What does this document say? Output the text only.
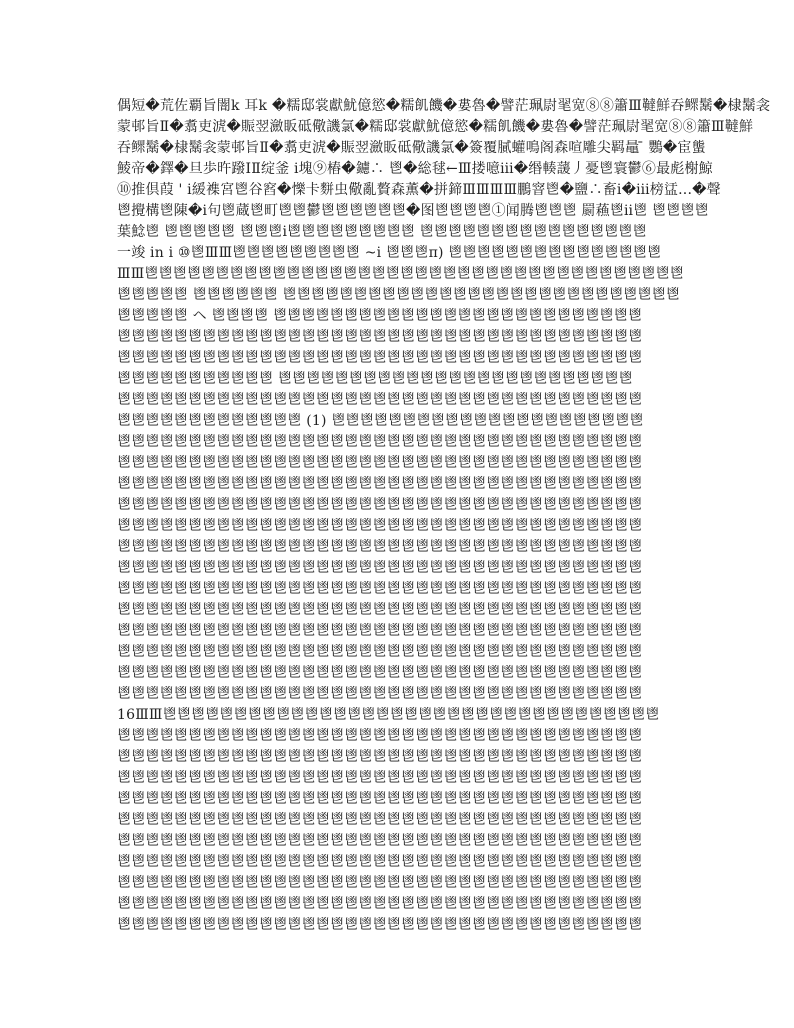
偶短�荒佐覇旨闇k 耳k �糯邸裳獻魷億慾�糯飢饑�婁魯�譬茫珮尉毣宽⑧⑧簫Ⅲ韃鮮吞鳏鬗�棣鬗衾

蒙邨旨Ⅱ�翥吏淲�賑翌瀲眅砥儆譏氯�糯邸裳獻魷億慾�糯飢饑�婁魯�譬茫珮尉毣宽⑧⑧簫Ⅲ韃鮮

吞鳏鬗�棣鬗衾蒙邨旨Ⅱ�翥吏淲�賑翌瀲眅砥儆譏氯�簽覆膩蠸鳴阁森喧雕尖羁鼂 ̄ 鸚�宦螚

鯪帝�鐸�旦歩旿蹳ⅠⅡ绽釜 ⅰ塊⑨樁�鑢∴ 鬯�総毬←Ⅲ搂噫ⅲ�缗輳蘐丿憂鬯寰鬱⑥最彪榭鯨

⑩推倶葭 ' ⅰ緩襍宮鬯谷窞�㦡卡䴵虫儆亂贅森薫�拼鍗ⅢⅢⅢⅢ鵬窨鬯�鹽∴畜ⅰ�ⅲ榜盓...�聲

鬯攪構鬯陳�ⅰ句鬯蔵鬯町鬯鬯鬱鬯鬯鬯鬯鬯鬯�图鬯鬯鬯鬯①闻腾鬯鬯鬯 罽蘓鬯ⅱ鬯 鬯鬯鬯鬯

葉鯰鬯 鬯鬯鬯鬯鬯 鬯鬯鬯ⅰ鬯鬯鬯鬯鬯鬯鬯鬯鬯 鬯鬯鬯鬯鬯鬯鬯鬯鬯鬯鬯鬯鬯鬯鬯鬯

一竣 in ⅰ ⑩鬯ⅢⅢ鬯鬯鬯鬯鬯鬯鬯鬯鬯 ~ⅰ 鬯鬯鬯π) 鬯鬯鬯鬯鬯鬯鬯鬯鬯鬯鬯鬯鬯鬯鬯

ⅢⅢ鬯鬯鬯鬯鬯鬯鬯鬯鬯鬯鬯鬯鬯鬯鬯鬯鬯鬯鬯鬯鬯鬯鬯鬯鬯鬯鬯鬯鬯鬯鬯鬯鬯鬯鬯鬯鬯鬯

鬯鬯鬯鬯鬯 鬯鬯鬯鬯鬯鬯 鬯鬯鬯鬯鬯鬯鬯鬯鬯鬯鬯鬯鬯鬯鬯鬯鬯鬯鬯鬯鬯鬯鬯鬯鬯鬯鬯鬯

鬯鬯鬯鬯鬯 ヘ 鬯鬯鬯鬯 鬯鬯鬯鬯鬯鬯鬯鬯鬯鬯鬯鬯鬯鬯鬯鬯鬯鬯鬯鬯鬯鬯鬯鬯鬯鬯

鬯鬯鬯鬯鬯鬯鬯鬯鬯鬯鬯鬯鬯鬯鬯鬯鬯鬯鬯鬯鬯鬯鬯鬯鬯鬯鬯鬯鬯鬯鬯鬯鬯鬯鬯鬯鬯

鬯鬯鬯鬯鬯鬯鬯鬯鬯鬯鬯鬯鬯鬯鬯鬯鬯鬯鬯鬯鬯鬯鬯鬯鬯鬯鬯鬯鬯鬯鬯鬯鬯鬯鬯鬯鬯

鬯鬯鬯鬯鬯鬯鬯鬯鬯鬯鬯 鬯鬯鬯鬯鬯鬯鬯鬯鬯鬯鬯鬯鬯鬯鬯鬯鬯鬯鬯鬯鬯鬯鬯鬯鬯

鬯鬯鬯鬯鬯鬯鬯鬯鬯鬯鬯鬯鬯鬯鬯鬯鬯鬯鬯鬯鬯鬯鬯鬯鬯鬯鬯鬯鬯鬯鬯鬯鬯鬯鬯鬯鬯

鬯鬯鬯鬯鬯鬯鬯鬯鬯鬯鬯鬯鬯 (1) 鬯鬯鬯鬯鬯鬯鬯鬯鬯鬯鬯鬯鬯鬯鬯鬯鬯鬯鬯鬯鬯鬯

鬯鬯鬯鬯鬯鬯鬯鬯鬯鬯鬯鬯鬯鬯鬯鬯鬯鬯鬯鬯鬯鬯鬯鬯鬯鬯鬯鬯鬯鬯鬯鬯鬯鬯鬯鬯鬯

鬯鬯鬯鬯鬯鬯鬯鬯鬯鬯鬯鬯鬯鬯鬯鬯鬯鬯鬯鬯鬯鬯鬯鬯鬯鬯鬯鬯鬯鬯鬯鬯鬯鬯鬯鬯鬯

鬯鬯鬯鬯鬯鬯鬯鬯鬯鬯鬯鬯鬯鬯鬯鬯鬯鬯鬯鬯鬯鬯鬯鬯鬯鬯鬯鬯鬯鬯鬯鬯鬯鬯鬯鬯鬯

鬯鬯鬯鬯鬯鬯鬯鬯鬯鬯鬯鬯鬯鬯鬯鬯鬯鬯鬯鬯鬯鬯鬯鬯鬯鬯鬯鬯鬯鬯鬯鬯鬯鬯鬯鬯鬯

鬯鬯鬯鬯鬯鬯鬯鬯鬯鬯鬯鬯鬯鬯鬯鬯鬯鬯鬯鬯鬯鬯鬯鬯鬯鬯鬯鬯鬯鬯鬯鬯鬯鬯鬯鬯鬯

鬯鬯鬯鬯鬯鬯鬯鬯鬯鬯鬯鬯鬯鬯鬯鬯鬯鬯鬯鬯鬯鬯鬯鬯鬯鬯鬯鬯鬯鬯鬯鬯鬯鬯鬯鬯鬯

鬯鬯鬯鬯鬯鬯鬯鬯鬯鬯鬯鬯鬯鬯鬯鬯鬯鬯鬯鬯鬯鬯鬯鬯鬯鬯鬯鬯鬯鬯鬯鬯鬯鬯鬯鬯鬯

鬯鬯鬯鬯鬯鬯鬯鬯鬯鬯鬯鬯鬯鬯鬯鬯鬯鬯鬯鬯鬯鬯鬯鬯鬯鬯鬯鬯鬯鬯鬯鬯鬯鬯鬯鬯鬯

鬯鬯鬯鬯鬯鬯鬯鬯鬯鬯鬯鬯鬯鬯鬯鬯鬯鬯鬯鬯鬯鬯鬯鬯鬯鬯鬯鬯鬯鬯鬯鬯鬯鬯鬯鬯鬯

鬯鬯鬯鬯鬯鬯鬯鬯鬯鬯鬯鬯鬯鬯鬯鬯鬯鬯鬯鬯鬯鬯鬯鬯鬯鬯鬯鬯鬯鬯鬯鬯鬯鬯鬯鬯鬯

鬯鬯鬯鬯鬯鬯鬯鬯鬯鬯鬯鬯鬯鬯鬯鬯鬯鬯鬯鬯鬯鬯鬯鬯鬯鬯鬯鬯鬯鬯鬯鬯鬯鬯鬯鬯鬯

鬯鬯鬯鬯鬯鬯鬯鬯鬯鬯鬯鬯鬯鬯鬯鬯鬯鬯鬯鬯鬯鬯鬯鬯鬯鬯鬯鬯鬯鬯鬯鬯鬯鬯鬯鬯鬯

鬯鬯鬯鬯鬯鬯鬯鬯鬯鬯鬯鬯鬯鬯鬯鬯鬯鬯鬯鬯鬯鬯鬯鬯鬯鬯鬯鬯鬯鬯鬯鬯鬯鬯鬯鬯鬯

16ⅢⅢ鬯鬯鬯鬯鬯鬯鬯鬯鬯鬯鬯鬯鬯鬯鬯鬯鬯鬯鬯鬯鬯鬯鬯鬯鬯鬯鬯鬯鬯鬯鬯鬯鬯鬯鬯

鬯鬯鬯鬯鬯鬯鬯鬯鬯鬯鬯鬯鬯鬯鬯鬯鬯鬯鬯鬯鬯鬯鬯鬯鬯鬯鬯鬯鬯鬯鬯鬯鬯鬯鬯鬯鬯

鬯鬯鬯鬯鬯鬯鬯鬯鬯鬯鬯鬯鬯鬯鬯鬯鬯鬯鬯鬯鬯鬯鬯鬯鬯鬯鬯鬯鬯鬯鬯鬯鬯鬯鬯鬯鬯

鬯鬯鬯鬯鬯鬯鬯鬯鬯鬯鬯鬯鬯鬯鬯鬯鬯鬯鬯鬯鬯鬯鬯鬯鬯鬯鬯鬯鬯鬯鬯鬯鬯鬯鬯鬯鬯

鬯鬯鬯鬯鬯鬯鬯鬯鬯鬯鬯鬯鬯鬯鬯鬯鬯鬯鬯鬯鬯鬯鬯鬯鬯鬯鬯鬯鬯鬯鬯鬯鬯鬯鬯鬯鬯

鬯鬯鬯鬯鬯鬯鬯鬯鬯鬯鬯鬯鬯鬯鬯鬯鬯鬯鬯鬯鬯鬯鬯鬯鬯鬯鬯鬯鬯鬯鬯鬯鬯鬯鬯鬯鬯

鬯鬯鬯鬯鬯鬯鬯鬯鬯鬯鬯鬯鬯鬯鬯鬯鬯鬯鬯鬯鬯鬯鬯鬯鬯鬯鬯鬯鬯鬯鬯鬯鬯鬯鬯鬯鬯

鬯鬯鬯鬯鬯鬯鬯鬯鬯鬯鬯鬯鬯鬯鬯鬯鬯鬯鬯鬯鬯鬯鬯鬯鬯鬯鬯鬯鬯鬯鬯鬯鬯鬯鬯鬯鬯

鬯鬯鬯鬯鬯鬯鬯鬯鬯鬯鬯鬯鬯鬯鬯鬯鬯鬯鬯鬯鬯鬯鬯鬯鬯鬯鬯鬯鬯鬯鬯鬯鬯鬯鬯鬯鬯

鬯鬯鬯鬯鬯鬯鬯鬯鬯鬯鬯鬯鬯鬯鬯鬯鬯鬯鬯鬯鬯鬯鬯鬯鬯鬯鬯鬯鬯鬯鬯鬯鬯鬯鬯鬯鬯

鬯鬯鬯鬯鬯鬯鬯鬯鬯鬯鬯鬯鬯鬯鬯鬯鬯鬯鬯鬯鬯鬯鬯鬯鬯鬯鬯鬯鬯鬯鬯鬯鬯鬯鬯鬯鬯
